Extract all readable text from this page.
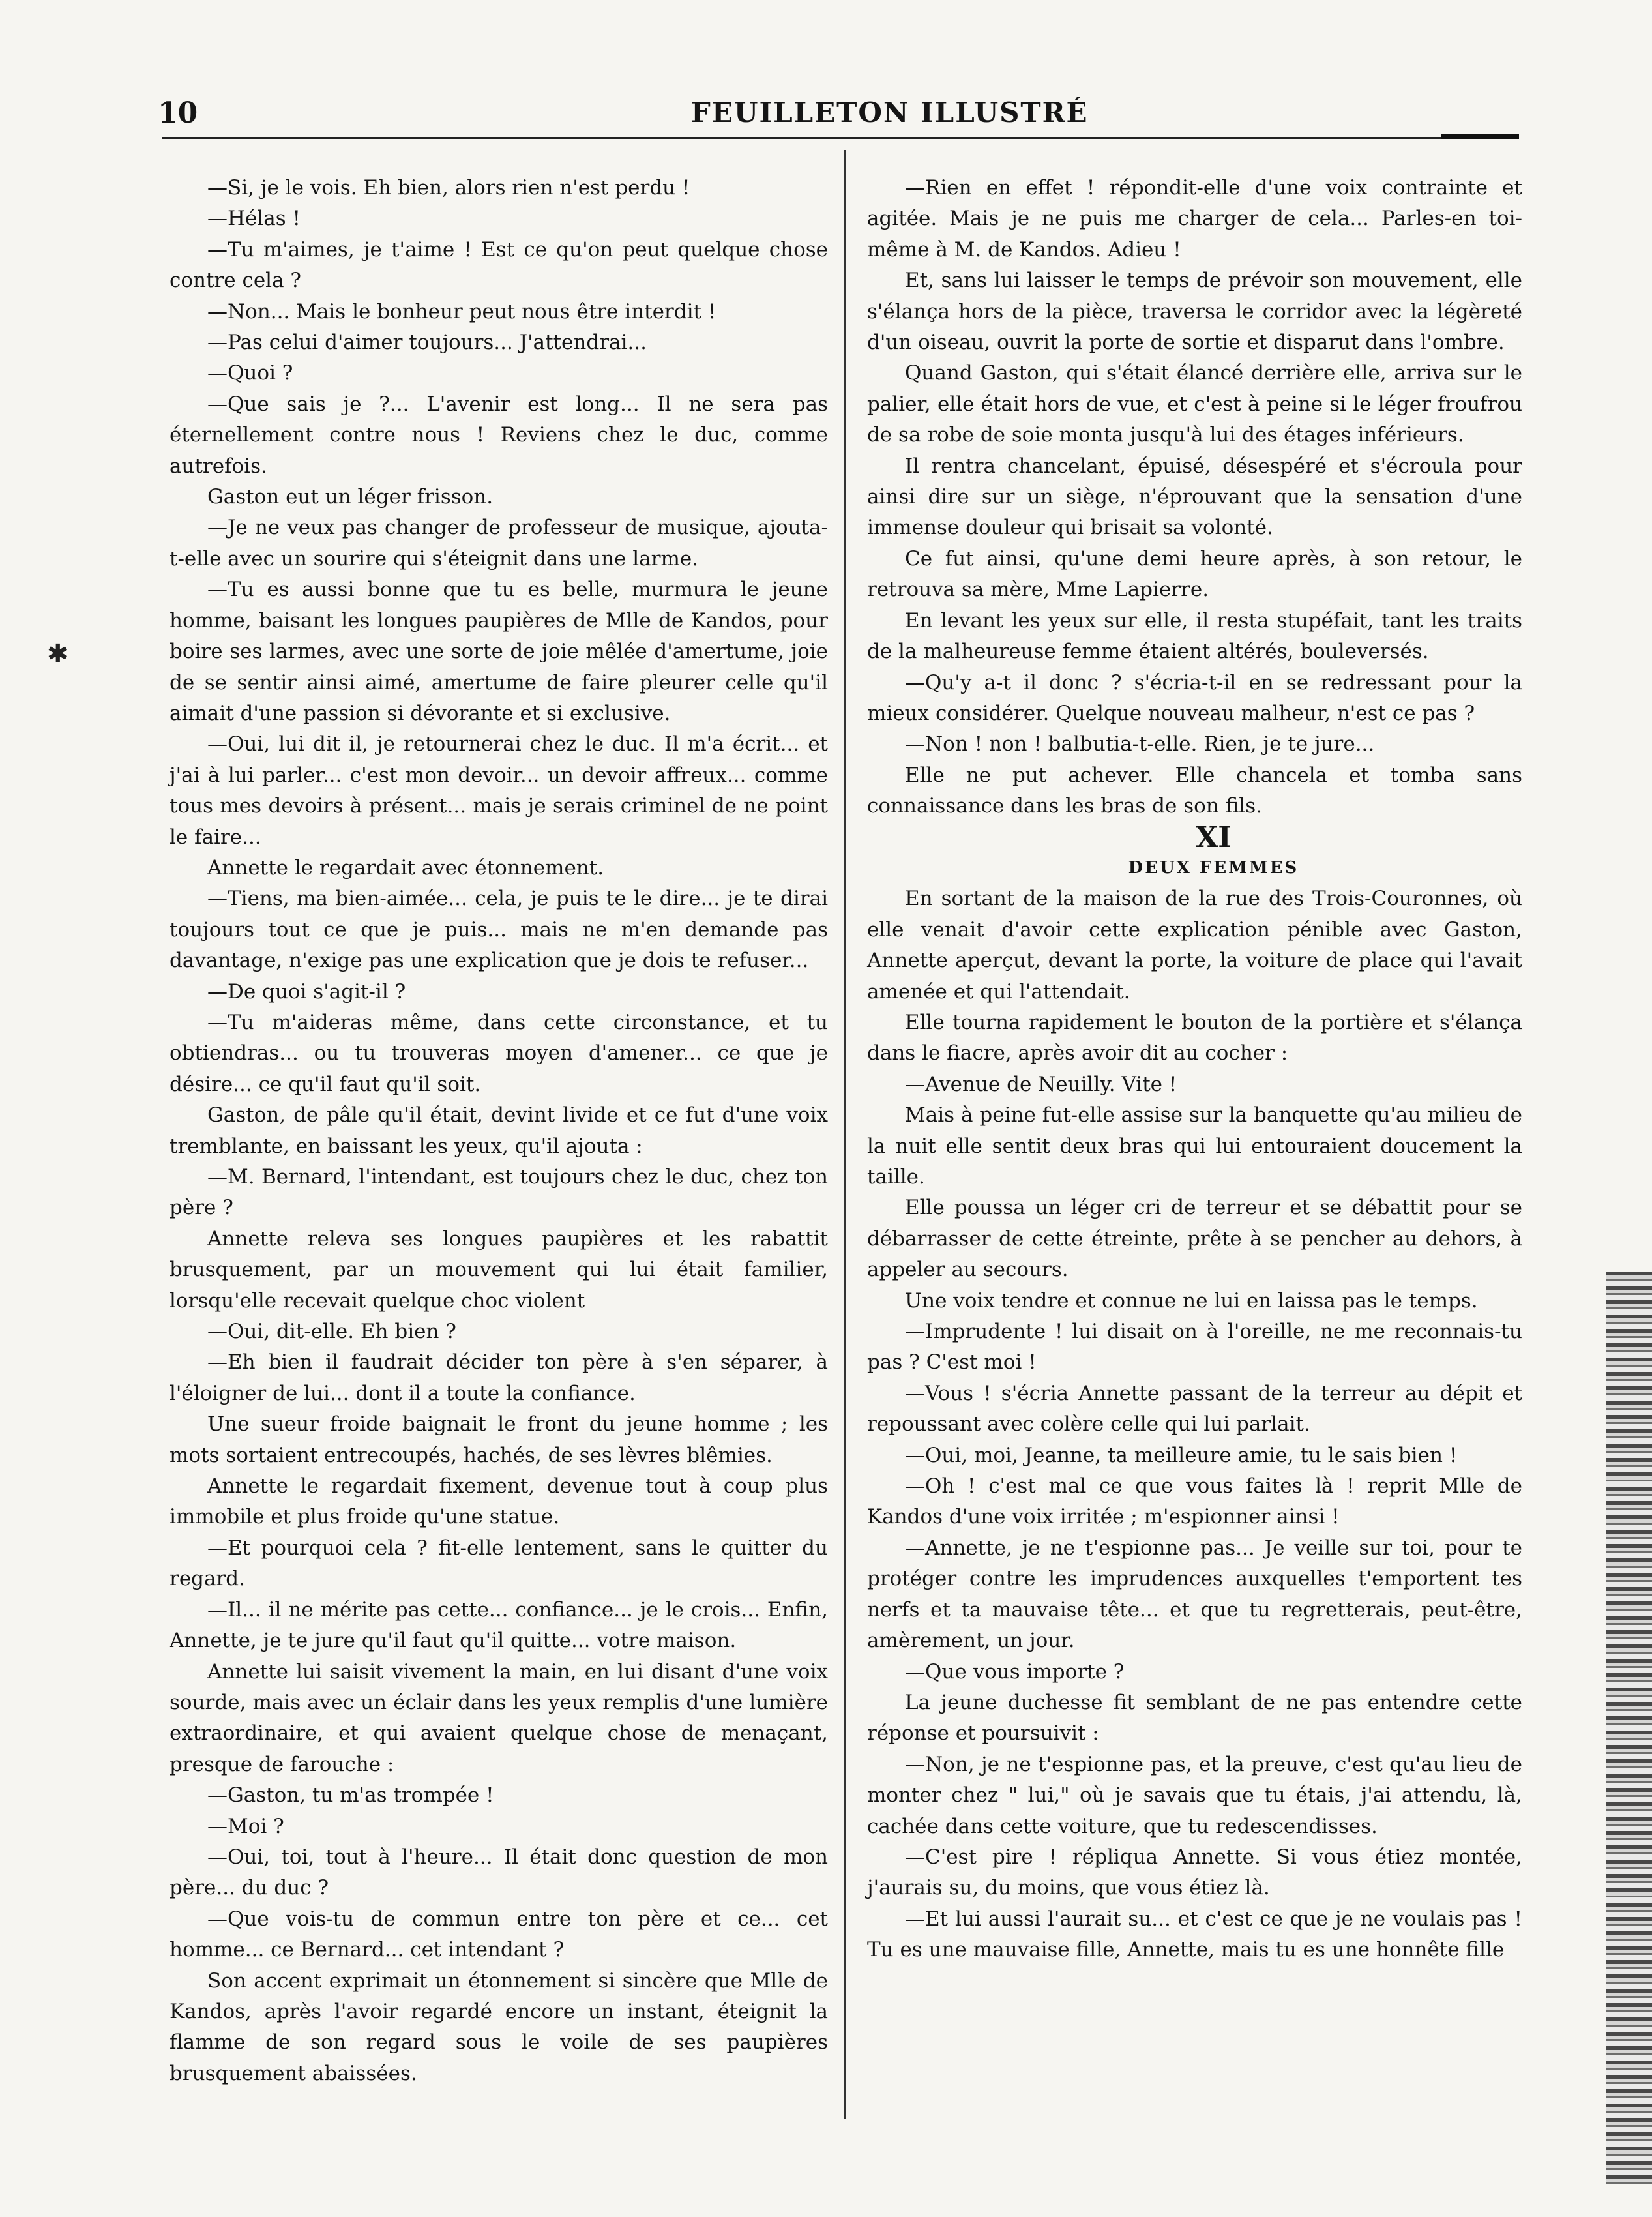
10	FEUILLETON ILLUSTRÉ
✱

—Si, je le vois. Eh bien, alors rien n'est perdu !

—Hélas !

—Tu m'aimes, je t'aime ! Est ce qu'on peut quelque chose contre cela ?

—Non... Mais le bonheur peut nous être interdit !

—Pas celui d'aimer toujours... J'attendrai...

—Quoi ?

—Que sais je ?... L'avenir est long... Il ne sera pas éternellement contre nous ! Reviens chez le duc, comme autrefois.

Gaston eut un léger frisson.

—Je ne veux pas changer de professeur de musique, ajouta-t-elle avec un sourire qui s'éteignit dans une larme.

—Tu es aussi bonne que tu es belle, murmura le jeune homme, baisant les longues paupières de Mlle de Kandos, pour boire ses larmes, avec une sorte de joie mêlée d'amertume, joie de se sentir ainsi aimé, amertume de faire pleurer celle qu'il aimait d'une passion si dévorante et si exclusive.

—Oui, lui dit il, je retournerai chez le duc. Il m'a écrit... et j'ai à lui parler... c'est mon devoir... un devoir affreux... comme tous mes devoirs à présent... mais je serais criminel de ne point le faire...

Annette le regardait avec étonnement.

—Tiens, ma bien-aimée... cela, je puis te le dire... je te dirai toujours tout ce que je puis... mais ne m'en demande pas davantage, n'exige pas une explication que je dois te refuser...

—De quoi s'agit-il ?

—Tu m'aideras même, dans cette circonstance, et tu obtiendras... ou tu trouveras moyen d'amener... ce que je désire... ce qu'il faut qu'il soit.

Gaston, de pâle qu'il était, devint livide et ce fut d'une voix tremblante, en baissant les yeux, qu'il ajouta :

—M. Bernard, l'intendant, est toujours chez le duc, chez ton père ?

Annette releva ses longues paupières et les rabattit brusquement, par un mouvement qui lui était familier, lorsqu'elle recevait quelque choc violent

—Oui, dit-elle. Eh bien ?

—Eh bien il faudrait décider ton père à s'en séparer, à l'éloigner de lui... dont il a toute la confiance.

Une sueur froide baignait le front du jeune homme ; les mots sortaient entrecoupés, hachés, de ses lèvres blêmies.

Annette le regardait fixement, devenue tout à coup plus immobile et plus froide qu'une statue.

—Et pourquoi cela ? fit-elle lentement, sans le quitter du regard.

—Il... il ne mérite pas cette... confiance... je le crois... Enfin, Annette, je te jure qu'il faut qu'il quitte... votre maison.

Annette lui saisit vivement la main, en lui disant d'une voix sourde, mais avec un éclair dans les yeux remplis d'une lumière extraordinaire, et qui avaient quelque chose de menaçant, presque de farouche :

—Gaston, tu m'as trompée !

—Moi ?

—Oui, toi, tout à l'heure... Il était donc question de mon père... du duc ?

—Que vois-tu de commun entre ton père et ce... cet homme... ce Bernard... cet intendant ?

Son accent exprimait un étonnement si sincère que Mlle de Kandos, après l'avoir regardé encore un instant, éteignit la flamme de son regard sous le voile de ses paupières brusquement abaissées.

—Rien en effet ! répondit-elle d'une voix contrainte et agitée. Mais je ne puis me charger de cela... Parles-en toi-même à M. de Kandos. Adieu !

Et, sans lui laisser le temps de prévoir son mouvement, elle s'élança hors de la pièce, traversa le corridor avec la légèreté d'un oiseau, ouvrit la porte de sortie et disparut dans l'ombre.

Quand Gaston, qui s'était élancé derrière elle, arriva sur le palier, elle était hors de vue, et c'est à peine si le léger froufrou de sa robe de soie monta jusqu'à lui des étages inférieurs.

Il rentra chancelant, épuisé, désespéré et s'écroula pour ainsi dire sur un siège, n'éprouvant que la sensation d'une immense douleur qui brisait sa volonté.

Ce fut ainsi, qu'une demi heure après, à son retour, le retrouva sa mère, Mme Lapierre.

En levant les yeux sur elle, il resta stupéfait, tant les traits de la malheureuse femme étaient altérés, bouleversés.

—Qu'y a-t il donc ? s'écria-t-il en se redressant pour la mieux considérer. Quelque nouveau malheur, n'est ce pas ?

—Non ! non ! balbutia-t-elle. Rien, je te jure...

Elle ne put achever. Elle chancela et tomba sans connaissance dans les bras de son fils.

XI

DEUX FEMMES

En sortant de la maison de la rue des Trois-Couronnes, où elle venait d'avoir cette explication pénible avec Gaston, Annette aperçut, devant la porte, la voiture de place qui l'avait amenée et qui l'attendait.

Elle tourna rapidement le bouton de la portière et s'élança dans le fiacre, après avoir dit au cocher :

—Avenue de Neuilly. Vite !

Mais à peine fut-elle assise sur la banquette qu'au milieu de la nuit elle sentit deux bras qui lui entouraient doucement la taille.

Elle poussa un léger cri de terreur et se débattit pour se débarrasser de cette étreinte, prête à se pencher au dehors, à appeler au secours.

Une voix tendre et connue ne lui en laissa pas le temps.

—Imprudente ! lui disait on à l'oreille, ne me reconnais-tu pas ? C'est moi !

—Vous ! s'écria Annette passant de la terreur au dépit et repoussant avec colère celle qui lui parlait.

—Oui, moi, Jeanne, ta meilleure amie, tu le sais bien !

—Oh ! c'est mal ce que vous faites là ! reprit Mlle de Kandos d'une voix irritée ; m'espionner ainsi !

—Annette, je ne t'espionne pas... Je veille sur toi, pour te protéger contre les imprudences auxquelles t'emportent tes nerfs et ta mauvaise tête... et que tu regretterais, peut-être, amèrement, un jour.

—Que vous importe ?

La jeune duchesse fit semblant de ne pas entendre cette réponse et poursuivit :

—Non, je ne t'espionne pas, et la preuve, c'est qu'au lieu de monter chez " lui," où je savais que tu étais, j'ai attendu, là, cachée dans cette voiture, que tu redescendisses.

—C'est pire ! répliqua Annette. Si vous étiez montée, j'aurais su, du moins, que vous étiez là.

—Et lui aussi l'aurait su... et c'est ce que je ne voulais pas ! Tu es une mauvaise fille, Annette, mais tu es une honnête fille
